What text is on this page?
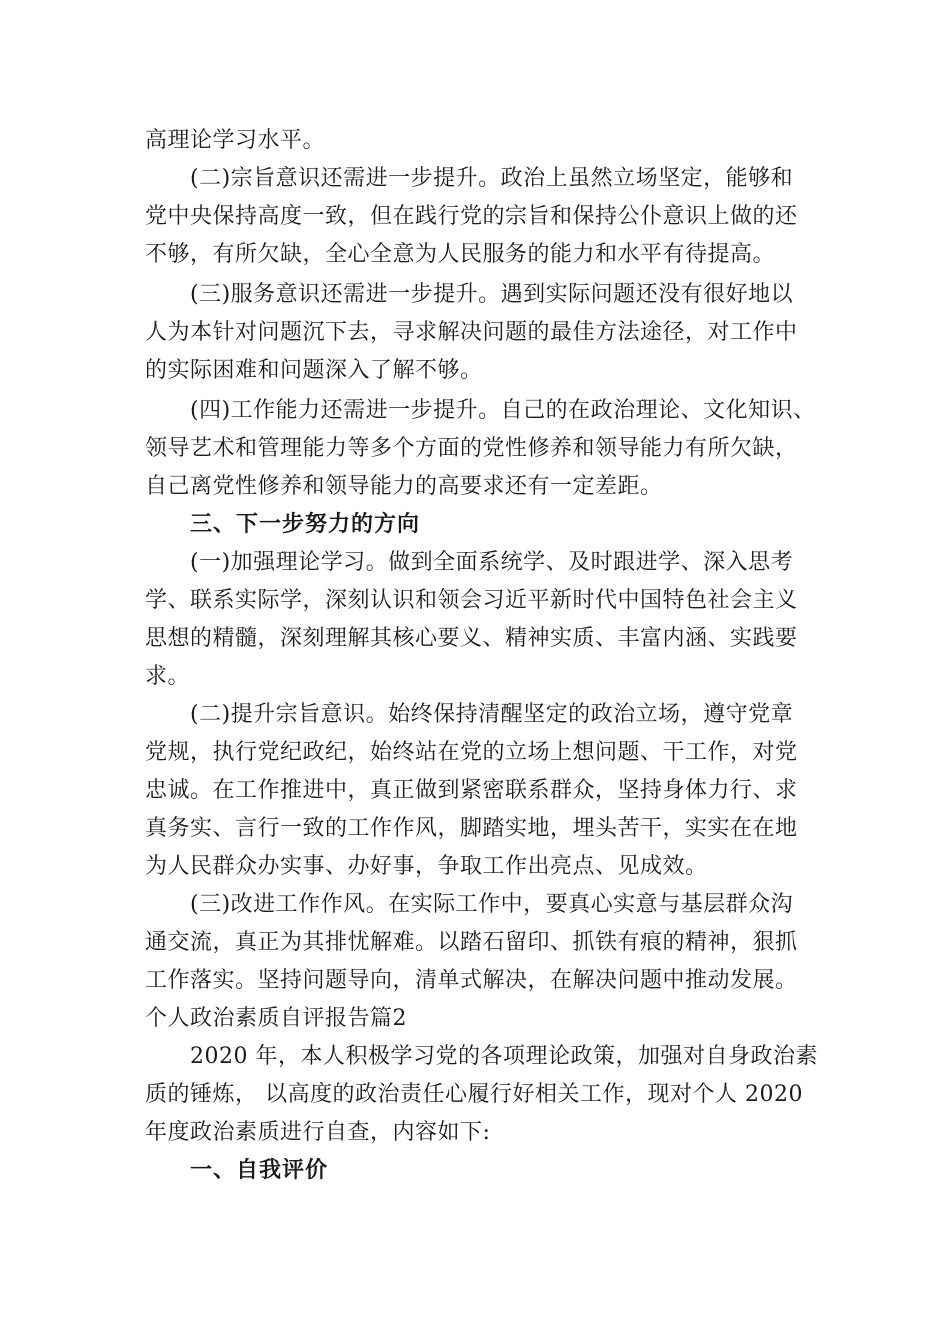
高理论学习水平。

(二)宗旨意识还需进一步提升。政治上虽然立场坚定，能够和

党中央保持高度一致，但在践行党的宗旨和保持公仆意识上做的还

不够，有所欠缺，全心全意为人民服务的能力和水平有待提高。

(三)服务意识还需进一步提升。遇到实际问题还没有很好地以

人为本针对问题沉下去，寻求解决问题的最佳方法途径，对工作中

的实际困难和问题深入了解不够。

(四)工作能力还需进一步提升。自己的在政治理论、文化知识、

领导艺术和管理能力等多个方面的党性修养和领导能力有所欠缺，

自己离党性修养和领导能力的高要求还有一定差距。

三、下一步努力的方向

(一)加强理论学习。做到全面系统学、及时跟进学、深入思考

学、联系实际学，深刻认识和领会习近平新时代中国特色社会主义

思想的精髓，深刻理解其核心要义、精神实质、丰富内涵、实践要

求。

(二)提升宗旨意识。始终保持清醒坚定的政治立场，遵守党章

党规，执行党纪政纪，始终站在党的立场上想问题、干工作，对党

忠诚。在工作推进中，真正做到紧密联系群众，坚持身体力行、求

真务实、言行一致的工作作风，脚踏实地，埋头苦干，实实在在地

为人民群众办实事、办好事，争取工作出亮点、见成效。

(三)改进工作作风。在实际工作中，要真心实意与基层群众沟

通交流，真正为其排忧解难。以踏石留印、抓铁有痕的精神，狠抓

工作落实。坚持问题导向，清单式解决，在解决问题中推动发展。

个人政治素质自评报告篇2

2020 年，本人积极学习党的各项理论政策，加强对自身政治素

质的锤炼， 以高度的政治责任心履行好相关工作，现对个人 2020

年度政治素质进行自查，内容如下:

一、自我评价
